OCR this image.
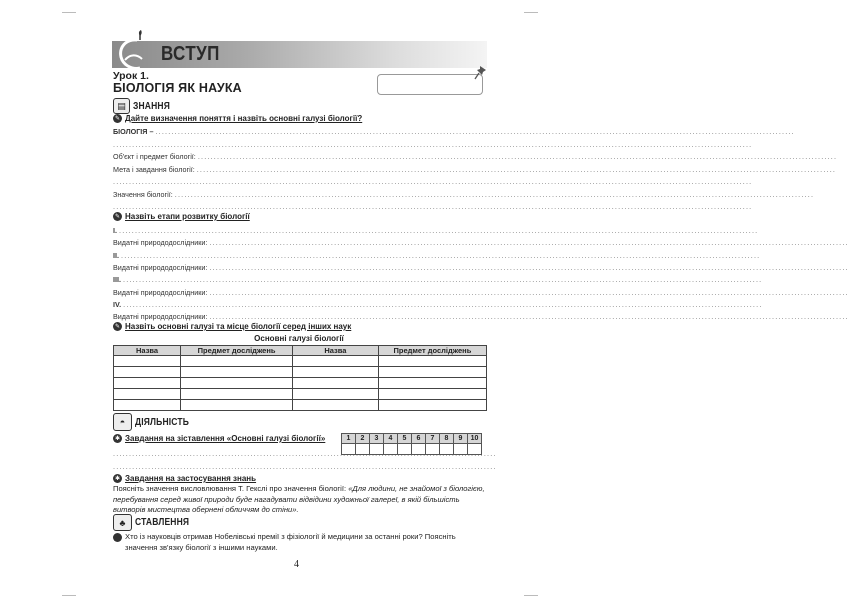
ВСТУП
Урок 1.
БІОЛОГІЯ ЯК НАУКА
▤ ЗНАННЯ
✎ Дайте визначення поняття і назвіть основні галузі біології?
БІОЛОГІЯ – ........................................................................................................................................................................................................
........................................................................................................................................................................................................
Об'єкт і предмет біології: ........................................................................................................................................................................................................
Мета і завдання біології: ........................................................................................................................................................................................................
........................................................................................................................................................................................................
Значення біології: ........................................................................................................................................................................................................
........................................................................................................................................................................................................
✎ Назвіть етапи розвитку біології
I. ........................................................................................................................................................................................................
Видатні природодослідники: ........................................................................................................................................................................................................
II. ........................................................................................................................................................................................................
Видатні природодослідники: ........................................................................................................................................................................................................
III. ........................................................................................................................................................................................................
Видатні природодослідники: ........................................................................................................................................................................................................
IV. ........................................................................................................................................................................................................
Видатні природодослідники: ........................................................................................................................................................................................................
✎ Назвіть основні галузі та місце біології серед інших наук
Основні галузі біології
Назва	Предмет досліджень	Назва	Предмет досліджень

◓ ДІЯЛЬНІСТЬ
✱ Завдання на зіставлення «Основні галузі біології»	1	2	3	4	5	6	7	8	9	10

........................................................................................................................
........................................................................................................................
✱ Завдання на застосування знань
Поясніть значення висловлювання Т. Гекслі про значення біології: «Для людини, не знайомої з біологією, перебування серед живої природи буде нагадувати відвідини художньої галереї, в якій більшість витворів мистецтва обернені обличчям до стіни».
♣ СТАВЛЕННЯ
Хто із науковців отримав Нобелівські премії з фізіології й медицини за останні роки? Поясніть значення зв'язку біології з іншими науками.
4
